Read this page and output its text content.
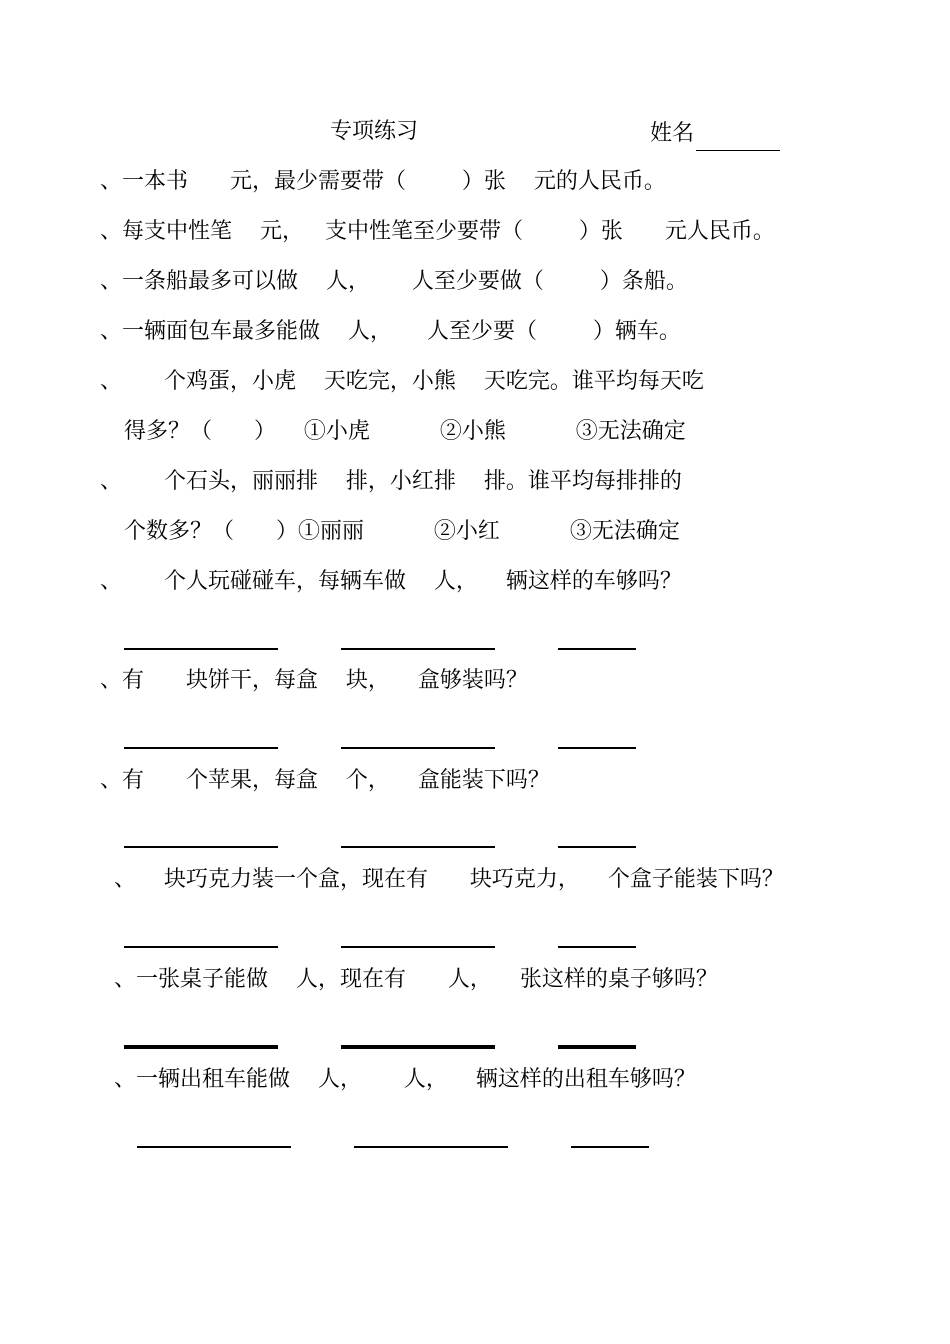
专项练习	姓名
、一本书      元，最少需要带（        ）张    元的人民币。
、每支中性笔    元，   支中性笔至少要带（        ）张      元人民币。
、一条船最多可以做    人，      人至少要做（        ）条船。
、一辆面包车最多能做    人，     人至少要（        ）辆车。
、      个鸡蛋，小虎    天吃完，小熊    天吃完。谁平均每天吃
得多？（      ）    ①小虎          ②小熊          ③无法确定
、      个石头，丽丽排    排，小红排    排。谁平均每排排的
个数多？（      ）①丽丽          ②小红          ③无法确定
、      个人玩碰碰车，每辆车做    人，    辆这样的车够吗？
、有      块饼干，每盒    块，    盒够装吗？
、有      个苹果，每盒    个，    盒能装下吗？
、    块巧克力装一个盒，现在有      块巧克力，    个盒子能装下吗？
、一张桌子能做    人，现在有      人，    张这样的桌子够吗？
、一辆出租车能做    人，      人，    辆这样的出租车够吗？
